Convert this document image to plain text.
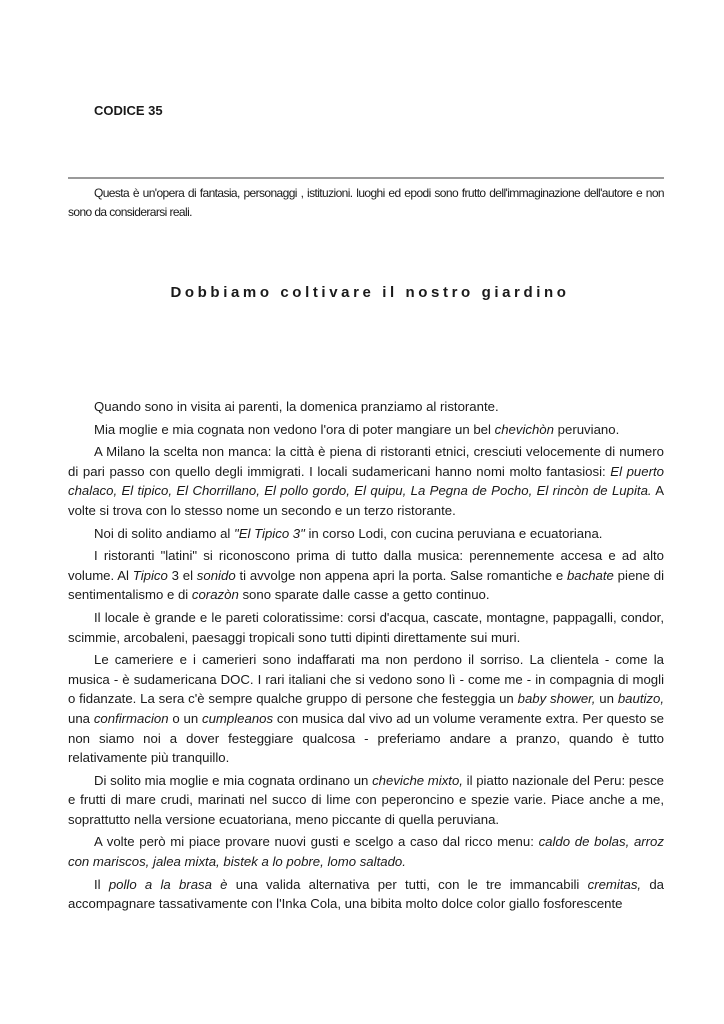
CODICE 35
Questa è un'opera di fantasia, personaggi , istituzioni. luoghi ed epodi sono frutto dell'immaginazione dell'autore e non sono da considerarsi reali.
Dobbiamo coltivare il nostro giardino

Quando sono in visita ai parenti, la domenica pranziamo al ristorante.

Mia moglie e mia cognata non vedono l'ora di poter mangiare un bel chevichòn peruviano.

A Milano la scelta non manca: la città è piena di ristoranti etnici, cresciuti velocemente di numero di pari passo con quello degli immigrati. I locali sudamericani hanno nomi molto fantasiosi: El puerto chalaco, El tipico, El Chorrillano, El pollo gordo, El quipu, La Pegna de Pocho, El rincòn de Lupita. A volte si trova con lo stesso nome un secondo e un terzo ristorante.

Noi di solito andiamo al "El Tipico 3" in corso Lodi, con cucina peruviana e ecuatoriana.

I ristoranti "latini" si riconoscono prima di tutto dalla musica: perennemente accesa e ad alto volume. Al Tipico 3 el sonido ti avvolge non appena apri la porta. Salse romantiche e bachate piene di sentimentalismo e di corazòn sono sparate dalle casse a getto continuo.

Il locale è grande e le pareti coloratissime: corsi d'acqua, cascate, montagne, pappagalli, condor, scimmie, arcobaleni, paesaggi tropicali sono tutti dipinti direttamente sui muri.

Le cameriere e i camerieri sono indaffarati ma non perdono il sorriso. La clientela - come la musica - è sudamericana DOC. I rari italiani che si vedono sono lì - come me - in compagnia di mogli o fidanzate. La sera c'è sempre qualche gruppo di persone che festeggia un baby shower, un bautizo, una confirmacion o un cumpleanos con musica dal vivo ad un volume veramente extra. Per questo se non siamo noi a dover festeggiare qualcosa - preferiamo andare a pranzo, quando è tutto relativamente più tranquillo.

Di solito mia moglie e mia cognata ordinano un cheviche mixto, il piatto nazionale del Peru: pesce e frutti di mare crudi, marinati nel succo di lime con peperoncino e spezie varie. Piace anche a me, soprattutto nella versione ecuatoriana, meno piccante di quella peruviana.

A volte però mi piace provare nuovi gusti e scelgo a caso dal ricco menu: caldo de bolas, arroz con mariscos, jalea mixta, bistek a lo pobre, lomo saltado.

Il pollo a la brasa è una valida alternativa per tutti, con le tre immancabili cremitas, da accompagnare tassativamente con l'Inka Cola, una bibita molto dolce color giallo fosforescente
